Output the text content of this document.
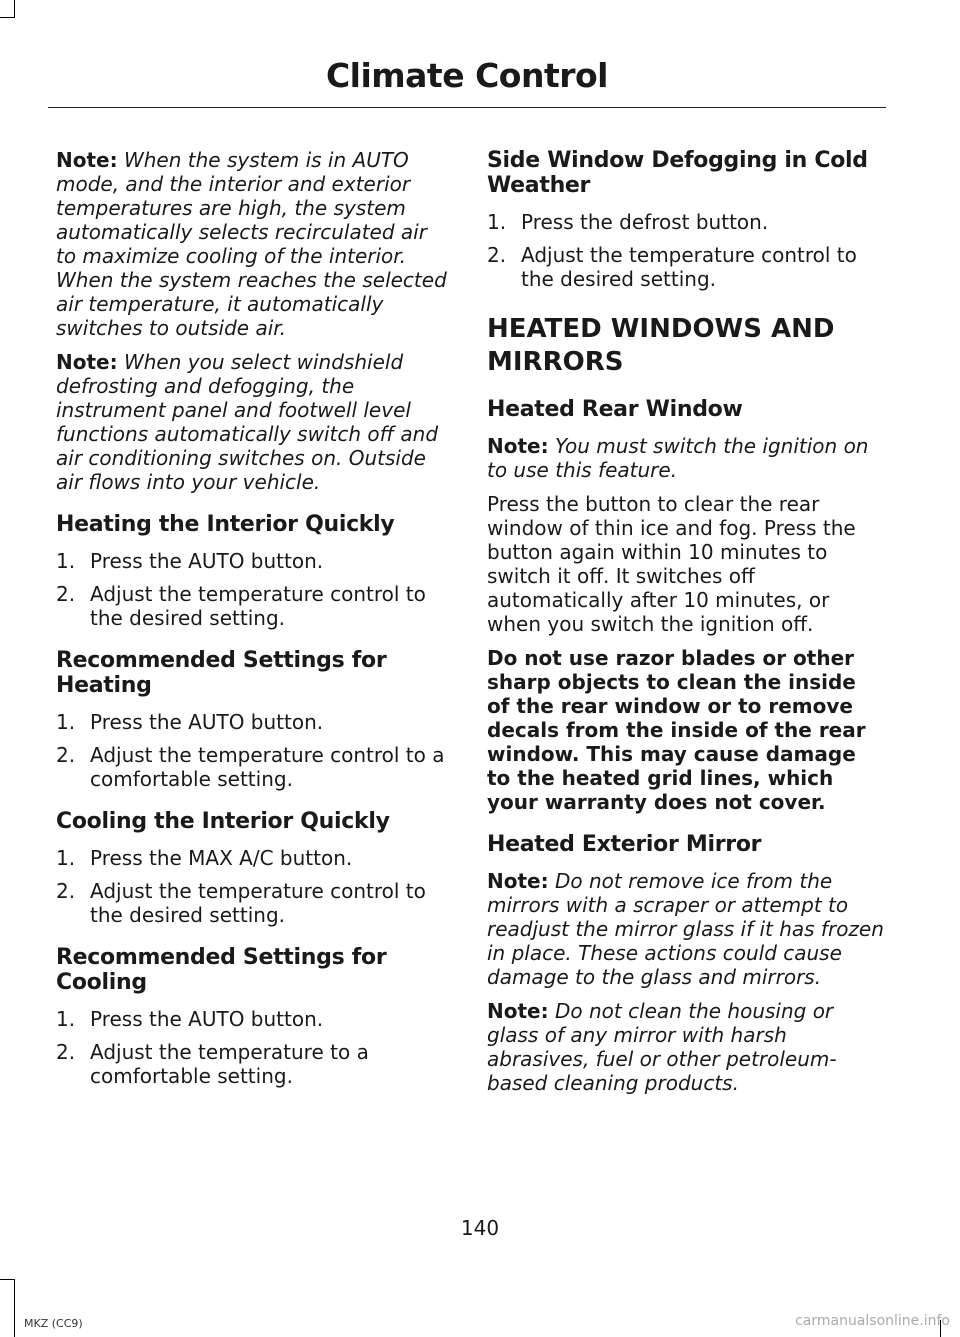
Climate Control

Note: When the system is in AUTO mode, and the interior and exterior temperatures are high, the system automatically selects recirculated air to maximize cooling of the interior. When the system reaches the selected air temperature, it automatically switches to outside air.

Note: When you select windshield defrosting and defogging, the instrument panel and footwell level functions automatically switch off and air conditioning switches on. Outside air flows into your vehicle.

Heating the Interior Quickly
1. Press the AUTO button.
2. Adjust the temperature control to the desired setting.
Recommended Settings for Heating
1. Press the AUTO button.
2. Adjust the temperature control to a comfortable setting.
Cooling the Interior Quickly
1. Press the MAX A/C button.
2. Adjust the temperature control to the desired setting.
Recommended Settings for Cooling
1. Press the AUTO button.
2. Adjust the temperature to a comfortable setting.
Side Window Defogging in Cold Weather
1. Press the defrost button.
2. Adjust the temperature control to the desired setting.
HEATED WINDOWS AND MIRRORS
Heated Rear Window

Note: You must switch the ignition on to use this feature.

Press the button to clear the rear window of thin ice and fog. Press the button again within 10 minutes to switch it off. It switches off automatically after 10 minutes, or when you switch the ignition off.

Do not use razor blades or other sharp objects to clean the inside of the rear window or to remove decals from the inside of the rear window. This may cause damage to the heated grid lines, which your warranty does not cover.

Heated Exterior Mirror

Note: Do not remove ice from the mirrors with a scraper or attempt to readjust the mirror glass if it has frozen in place. These actions could cause damage to the glass and mirrors.

Note: Do not clean the housing or glass of any mirror with harsh abrasives, fuel or other petroleum-based cleaning products.

140
MKZ (CC9)	carmanualsonline.info
